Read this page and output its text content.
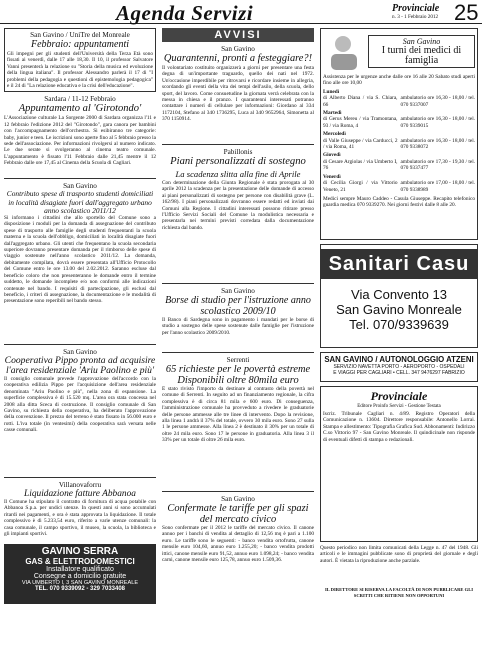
Agenda Servizi	Provinciale
n. 3 - 1 Febbraio 2012 25
San Gavino / UniTre del Monreale
Febbraio: appuntamenti
Gli impegni per gli studenti dell'Università della Terza Età sono fissati ai venerdì, dalle 17 alle 18,30. Il 10, il professor Salvatore Vanni presenterà la relazione su "Storia della musica ed evoluzione della lingua italiana". Il professor Alessandro parlerà il 17 di "I problemi della pedagogia e questioni di epistemologia pedagogica" e il 24 di "La relazione educativa e la crisi dell'educazione".
Sardara / 11-12 Febbraio
Appuntamento al 'Girotondo'
L'Associazione culturale La Sorgente 2000 di Sardara organizza l'11 e 12 febbraio l'edizione 2012 del "Girotondo", gara canora per bambini con l'accompagnamento dell'orchestra. Si esibiranno tre categorie: baby, junior e teen. Le iscrizioni sono aperte fino al 5 febbraio presso la sede dell'associazione. Per informazioni rivolgersi al numero indicato. Le due serate si svolgeranno al cinema teatro comunale. L'appuntamento è fissato l'11 Febbraio dalle 21,45 mentre il 12 Febbraio dalle ore 17,45 al Cinema della Scuola di Cagliari.
San Gavino
Contributo spese di trasporto studenti domiciliati in località disagiate fuori dall'aggregato urbano anno scolastico 2011/12
Si informano i cittadini che allo sportello del Comune sono a disposizione i moduli per la domanda di assegnazione del contributo spese di trasporto alle famiglie degli studenti frequentanti la scuola materna e la scuola dell'obbligo, domiciliati in località disagiate fuori dall'aggregato urbano. Gli utenti che frequentano la scuola secondaria superiore dovranno presentare domanda per il rimborso delle spese di viaggio sostenute nell'anno scolastico 2011/12. La domanda, debitamente compilata, dovrà essere presentata all'Ufficio Protocollo del Comune entro le ore 13.00 del 2.02.2012. Saranno escluse dal beneficio coloro che non presenteranno le domande entro il termine suddetto, le domande incomplete e/o non conformi alle indicazioni contenute nel bando. I requisiti di partecipazione, gli esclusi dal beneficio, i criteri di assegnazione, la documentazione e le modalità di presentazione sono reperibili nel bando stesso.
San Gavino
Cooperativa Pippo pronta ad acquisire l'area residenziale 'Ariu Paolino e più'
Il consiglio comunale prevede l'approvazione dell'accordo con la cooperativa edilizia Pippo per l'acquisizione dell'area residenziale denominata "Ariu Paolino e più", nella zona di espansione. La superficie complessiva è di 15.520 mq. L'area ora stata concessa nel 2008 alla ditta Sceca di costruzione. Il consiglio comunale di San Gavino, su richiesta della cooperativa, ha deliberato l'approvazione della convenzione. Il prezzo del terreno è stato fissato in 56.000 euro e rotti. L'iva totale (in ventesimi) della cooperativa sarà versata nelle casse comunali.
Villanovaforru
Liquidazione fatture Abbanoa
Il Comune ha stipulato il contratto di fornitura di acqua potabile con Abbanoa S.p.a. per undici utenze. In questi anni si sono accumulati ritardi nei pagamenti, e ora è stata approvata la liquidazione. Il totale complessivo è di 5.233,54 euro, riferito a varie utenze comunali: la casa comunale, il campo sportivo, il museo, la scuola, la biblioteca e gli impianti sportivi.
GAVINO SERRA
GAS & ELETTRODOMESTICI
Installatore qualificato
Consegne a domicilio gratuite
VIA UMBERTO I, 3 SAN GAVINO MONREALE
TEL. 070 9339092 - 329 7033408
AVVISI
San Gavino
Quarantenni, pronti a festeggiare?!
Il volontariato costituito organizzerà a giorni per presentare una festa degna di un'importante traguardo, quello dei nati nel 1972. Un'occasione imperdibile per ritrovarsi e ricordare insieme in allegria, scordando gli eventi della vita dei tempi dell'asilo, della scuola, dello sport, del lavoro. Come consuetudine la giornata verrà celebrata con la messa in chiesa e il pranzo. I quarantenni interessati potranno contattare i numeri di cellulare per informazioni: Giordano al 334 1172104, Stefano al 340 1736295, Luca al 340 9652964, Simonetta al 370 1150914.
Pabillonis
Piani personalizzati di sostegno
La scadenza slitta alla fine di Aprile
Con determinazione della Giunta Regionale è stata prorogata al 30 aprile 2012 la scadenza per la presentazione delle domande di accesso ai piani personalizzati di sostegno per persone con disabilità grave (L. 162/98). I piani personalizzati dovranno essere redatti ed inviati dai Comuni alla Regione. I cittadini interessati possono ritirare presso l'Ufficio Servizi Sociali del Comune la modulistica necessaria e presentarla nei termini previsti corredata dalla documentazione richiesta dal bando.
San Gavino
Borse di studio per l'istruzione anno scolastico 2009/10
Il Banco di Sardegna sono in pagamento i mandati per le borse di studio a sostegno delle spese sostenute dalle famiglie per l'istruzione per l'anno scolastico 2009/2010.
Serrenti
65 richieste per le povertà estreme Disponibili oltre 80mila euro
È stato rivisto l'importo da destinare al contrasto della povertà nel comune di Serrenti. In seguito ad un finanziamento regionale, la cifra complessiva è di circa 81 mila e 600 euro. Di conseguenza, l'amministrazione comunale ha provveduto a rivedere le graduatorie delle persone ammesse alle tre linee di intervento. Dopo la revisione, alla linea 1 andrà il 37% del totale, ovvero 30 mila euro. Sono 27 sulla 1 le persone ammesse. Alla linea 2 è destinato il 30% per un totale di oltre 24 mila euro. Sono 17 le persone in graduatoria. Alla linea 3 il 33% per un totale di oltre 26 mila euro.
San Gavino
Confermate le tariffe per gli spazi del mercato civico
Sono confermate per il 2012 le tariffe del mercato civico. Il canone annuo per i banchi di vendita al dettaglio di 12,56 mq è pari a 1.100 euro. Le tariffe sono le seguenti: - banco vendita ortofrutta, canone mensile euro 104,60, annuo euro 1.255,20; - banco vendita prodotti ittici, canone mensile euro 91,52, annuo euro 1.098,24; - banco vendita carni, canone mensile euro 125,78, annuo euro 1.509,36.
San Gavino
I turni dei medici di famiglia
Assistenza per le urgenze anche dalle ore 16 alle 20 Sabato studi aperti fino alle ore 10,00
Lunedì
di Alberto Diana / via S. Chiara, 66
ambulatorio ore 16,30 - 18,00 / tel. 070 9337007
Martedì
di Gerus Mereu / via Tramontana, 93 / via Roma, 4
ambulatorio ore 16,30 - 18,00 / tel. 070 9339015
Mercoledì
di Valle Giuseppe / via Carducci, 2 / via Roma, 41
ambulatorio ore 16,30 - 18,00 / tel. 070 9338072
Giovedì
di Cesare Argiolas / via Umberto I, 76
ambulatorio ore 17,30 - 19,30 / tel. 070 9337477
Venerdì
di Cecilia Giorgi / via Vittorio Veneto, 21
ambulatorio ore 17,00 - 18,00 / tel. 070 9338989
Medici sempre Mauro Caddeo - Casula Giuseppe. Recapito telefonico guardia medica 070 9339270. Nei giorni festivi dalle 8 alle 20.
Sanitari Casu
Via Convento 13
San Gavino Monreale
Tel. 070/9339639
SAN GAVINO / AUTONOLOGGIO ATZENI
SERVIZIO NAVETTA PORTO - AEROPORTO - OSPEDALI
E VIAGGI PER CAGLIARI • CELL. 347 9476297 FABRIZIO
Provinciale
Editore Proinfo Servizi - Gestione Testata
Iscriz. Tribunale Cagliari n. 4/89. Registro Operatori della Comunicazione n. 13604. Direttore responsabile: Antonello Lorrai. Stampa e allestimento: Tipografia Grafica Sud. Abbonamenti: Indirizzo C.so Vittorio 97 - San Gavino Monreale. Il quindicinale non risponde di eventuali difetti di stampa o redazionali.
Questo periodico non limita comunicati della Legge n. 47 del 1948. Gli articoli e le immagini pubblicate sono di proprietà del giornale e degli autori. È vietata la riproduzione anche parziale.
IL DIRETTORE SI RISERVA LA FACOLTÀ DI NON PUBBLICARE GLI SCRITTI CHE RITIENE NON OPPORTUNI
